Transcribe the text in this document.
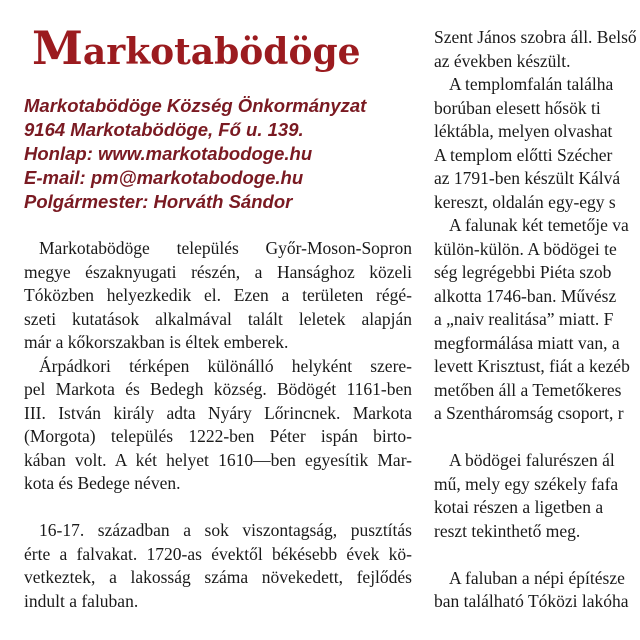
Markotabödöge
Markotabödöge Község Önkormányzat
9164 Markotabödöge, Fő u. 139.
Honlap: www.markotabodoge.hu
E-mail: pm@markotabodoge.hu
Polgármester: Horváth Sándor
Markotabödöge település Győr-Moson-Sopron
megye északnyugati részén, a Hansághoz közeli
Tóközben helyezkedik el. Ezen a területen régé-
szeti kutatások alkalmával talált leletek alapján
már a kőkorszakban is éltek emberek.
Árpádkori térképen különálló helyként szere-
pel Markota és Bedegh község. Bödögét 1161-ben
III. István király adta Nyáry Lőrincnek. Markota
(Morgota) település 1222-ben Péter ispán birto-
kában volt. A két helyet 1610—ben egyesítik Mar-
kota és Bedege néven.
16-17. században a sok viszontagság, pusztítás
érte a falvakat. 1720-as évektől békésebb évek kö-
vetkeztek, a lakosság száma növekedett, fejlődés
indult a faluban.
Szent János szobra áll. Belső
az években készült.
A templomfalán találha
borúban elesett hősök ti
léktábla, melyen olvashat
A templom előtti Szécher
az 1791-ben készült Kálvá
kereszt, oldalán egy-egy s
A falunak két temetője va
külön-külön. A bödögei te
ség legrégebbi Piéta szob
alkotta 1746-ban. Művész
a „naiv realitása” miatt. F
megformálása miatt van, a
levett Krisztust, fiát a kezéb
metőben áll a Temetőkeres
a Szentháromság csoport, r
A bödögei falurészen ál
mű, mely egy székely fafa
kotai részen a ligetben a
reszt tekinthető meg.
A faluban a népi építésze
ban található Tóközi lakóha
